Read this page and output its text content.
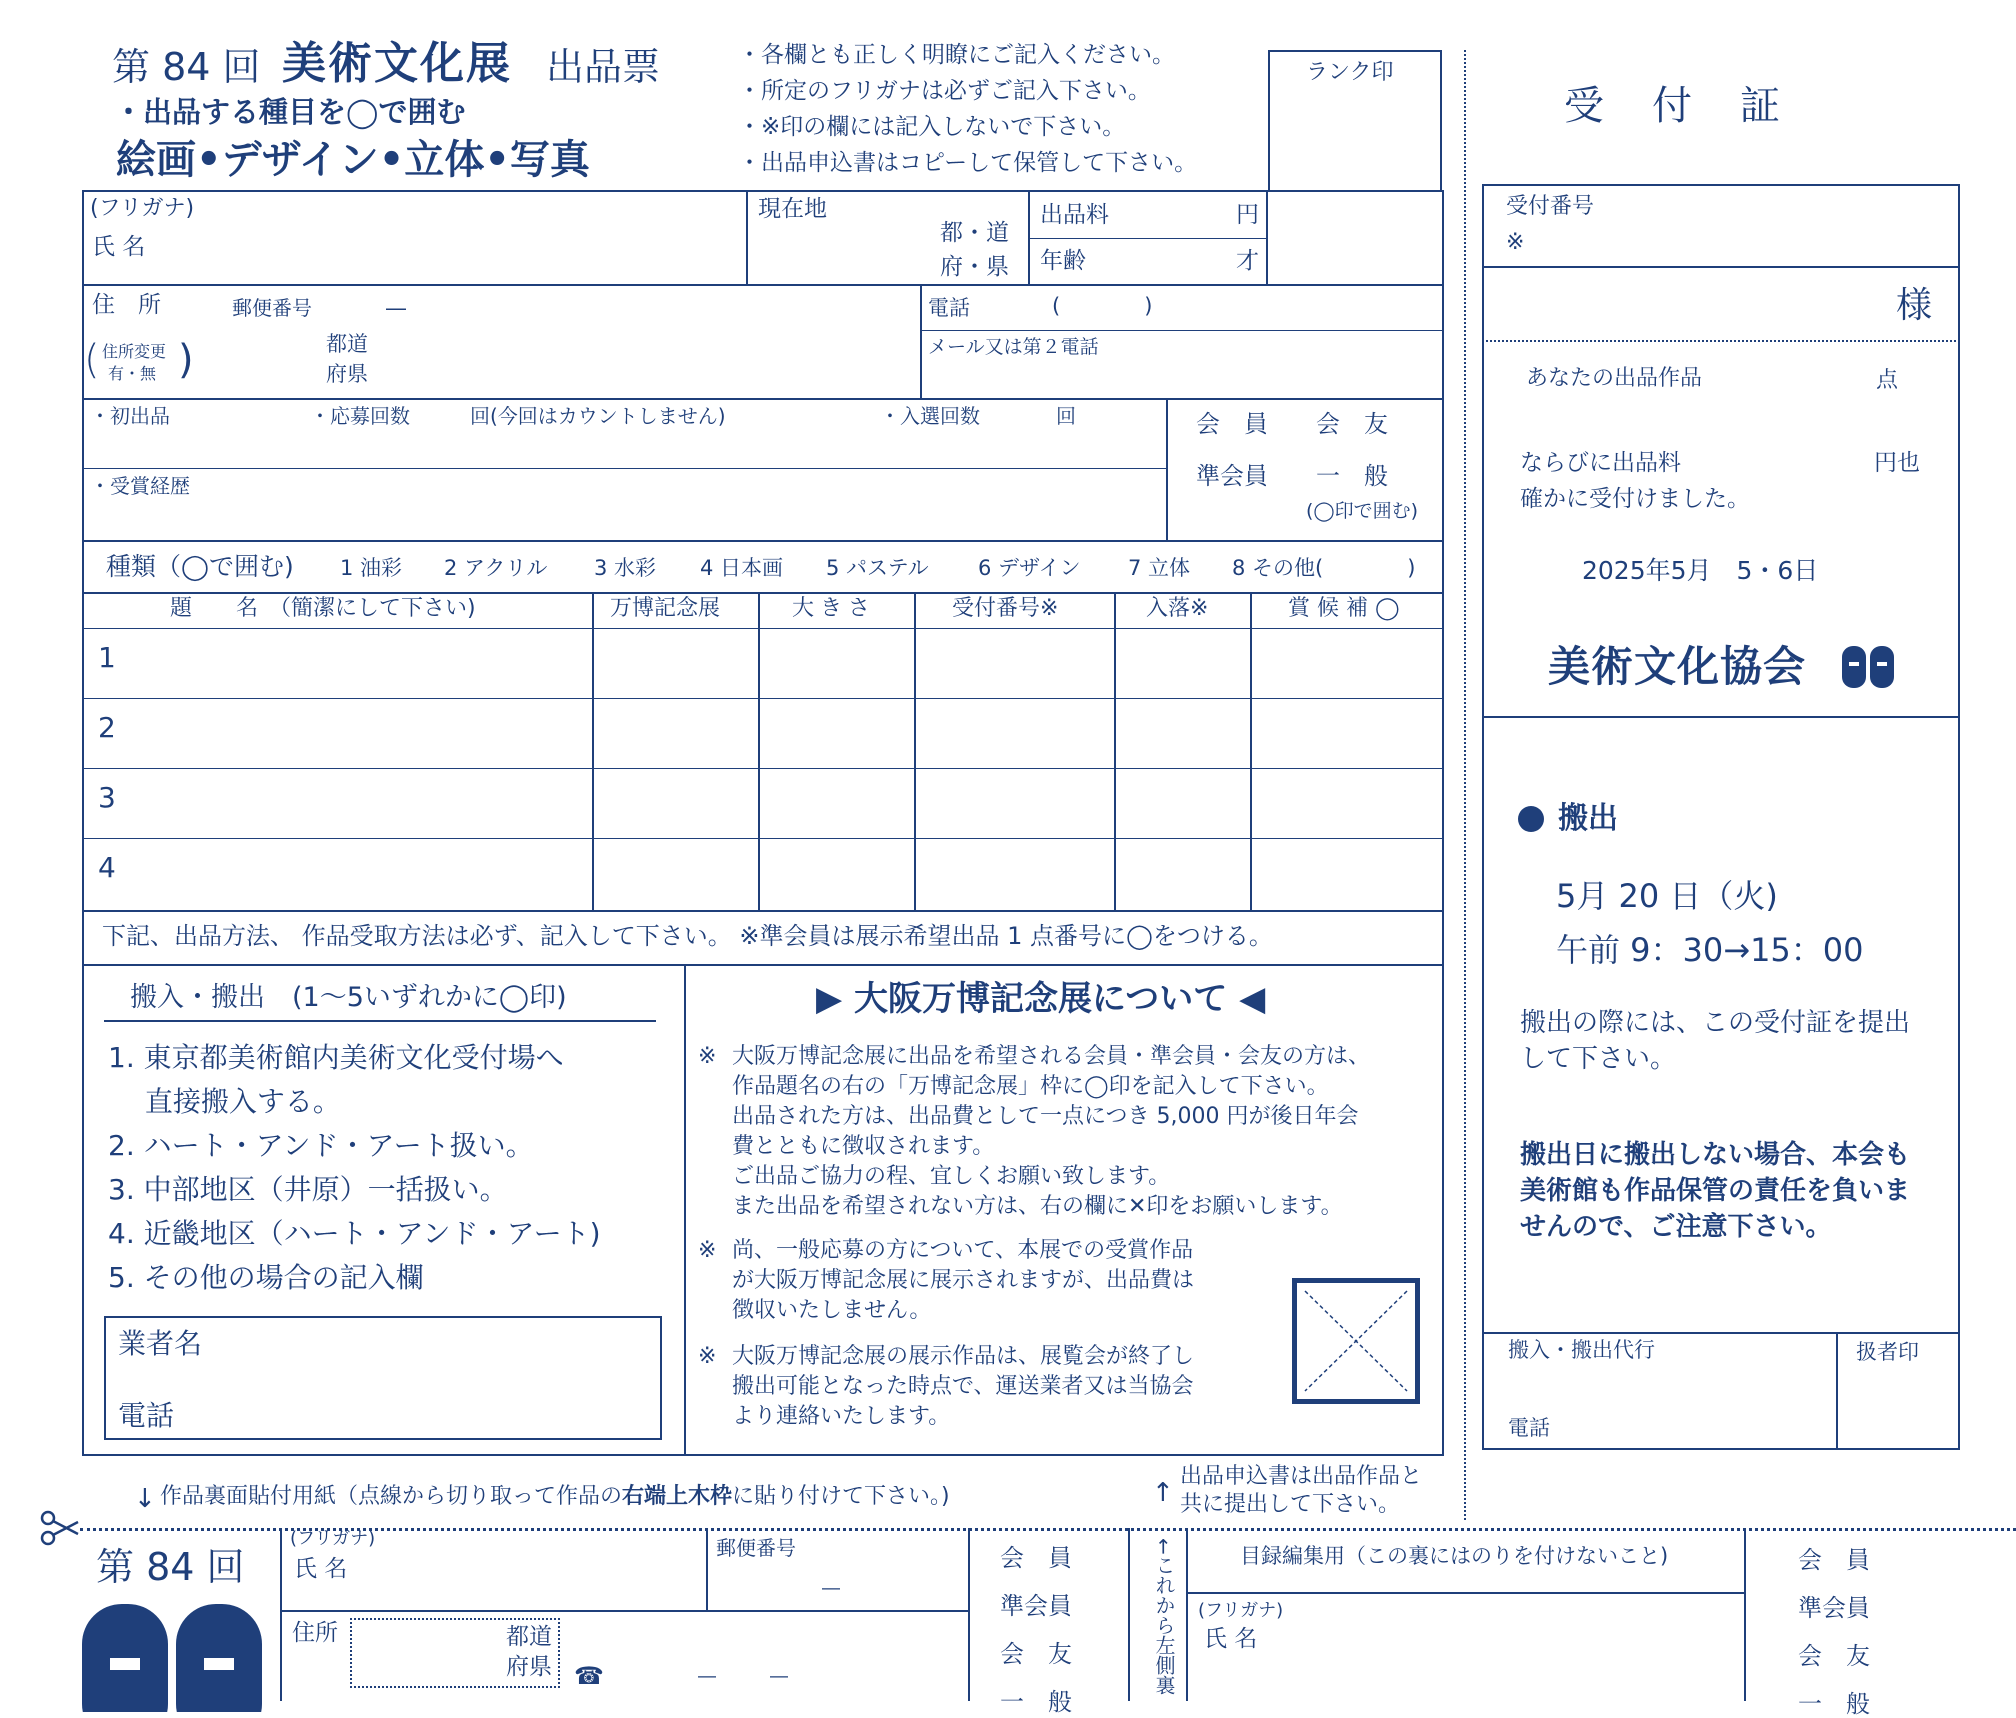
第 84 回 美術文化展 出品票
・出品する種目を◯で囲む
絵画•デザイン•立体•写真
・各欄とも正しく明瞭にご記入ください。
・所定のフリガナは必ずご記入下さい。
・※印の欄には記入しないで下さい。
・出品申込書はコピーして保管して下さい。
ランク印
(フリガナ)
氏 名
現在地
都・道
府・県
出品料	円
年齢	才
住　所	郵便番号	―
( 住所変更
有・無 )	都道
府県
電話	(　　　　)
メール又は第２電話
・初出品	・応募回数	回(今回はカウントしません)	・入選回数	回
・受賞経歴
会　員　　会　友
準会員　　一　般
(◯印で囲む)
種類（◯で囲む) 1 油彩 2 アクリル 3 水彩 4 日本画 5 パステル 6 デザイン 7 立体 8 その他(　　　　)
題　　名　（簡潔にして下さい)	万博記念展	大きさ	受付番号※	入落※	賞 候 補 ◯
1
2
3
4
下記、出品方法、 作品受取方法は必ず、記入して下さい。 ※準会員は展示希望出品 1 点番号に◯をつける。
搬入・搬出　(1〜5いずれかに◯印)
1. 東京都美術館内美術文化受付場へ
　 直接搬入する。
2. ハート・アンド・アート扱い。
3. 中部地区（井原）一括扱い。
4. 近畿地区（ハート・アンド・アート)
5. その他の場合の記入欄
業者名
電話
▶ 大阪万博記念展について ◀
※ 大阪万博記念展に出品を希望される会員・準会員・会友の方は、
作品題名の右の「万博記念展」枠に◯印を記入して下さい。
出品された方は、出品費として一点につき 5,000 円が後日年会
費とともに徴収されます。
ご出品ご協力の程、宜しくお願い致します。
また出品を希望されない方は、右の欄に✕印をお願いします。
※ 尚、一般応募の方について、本展での受賞作品
が大阪万博記念展に展示されますが、出品費は
徴収いたしません。
※ 大阪万博記念展の展示作品は、展覧会が終了し
搬出可能となった時点で、運送業者又は当協会
より連絡いたします。
受　付　証
受付番号
※
様
あなたの出品作品	点
ならびに出品料	円也
確かに受付けました。
2025年5月　5・6日
美術文化協会
搬出
5月 20 日（火)
午前 9：30→15：00
搬出の際には、この受付証を提出
して下さい。
搬出日に搬出しない場合、本会も
美術館も作品保管の責任を負いま
せんので、ご注意下さい。
搬入・搬出代行	扱者印
電話
↓ 作品裏面貼付用紙（点線から切り取って作品の右端上木枠に貼り付けて下さい。)	↑
出品申込書は出品作品と
共に提出して下さい。
第 84 回
(フリガナ)
氏 名
郵便番号
―
住所	都道
府県 ☎	―　　　―
会　員
準会員
会　友
一　般
←これから左側裏	目録編集用（この裏にはのりを付けないこと)
(フリガナ)
氏 名
会　員
準会員
会　友
一　般
